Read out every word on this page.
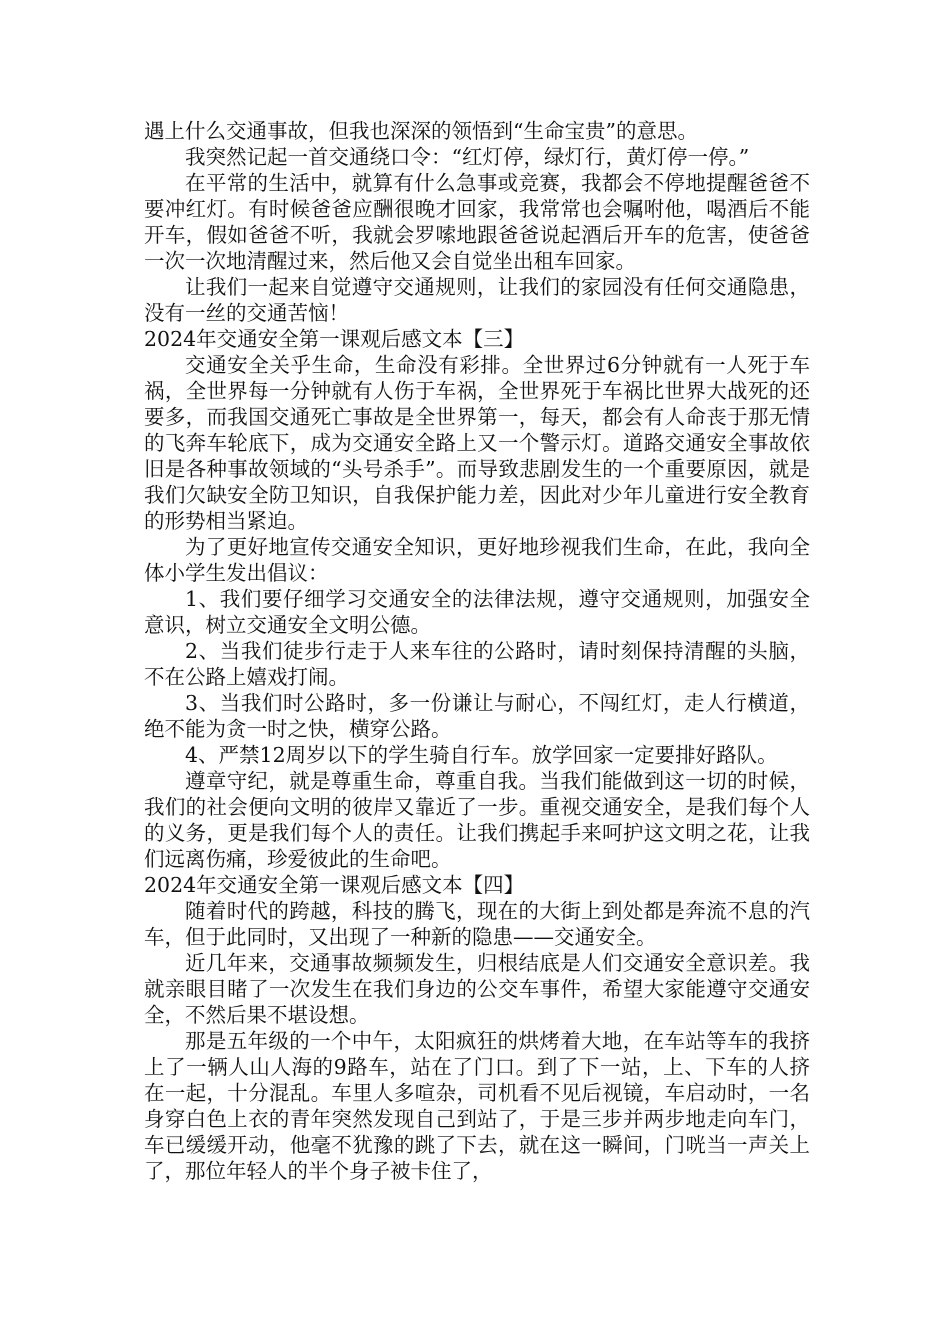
遇上什么交通事故，但我也深深的领悟到“生命宝贵”的意思。

我突然记起一首交通绕口令：“红灯停，绿灯行，黄灯停一停。”

在平常的生活中，就算有什么急事或竞赛，我都会不停地提醒爸爸不要冲红灯。有时候爸爸应酬很晚才回家，我常常也会嘱咐他，喝酒后不能开车，假如爸爸不听，我就会罗嗦地跟爸爸说起酒后开车的危害，使爸爸一次一次地清醒过来，然后他又会自觉坐出租车回家。

让我们一起来自觉遵守交通规则，让我们的家园没有任何交通隐患，没有一丝的交通苦恼！

2024年交通安全第一课观后感文本【三】

交通安全关乎生命，生命没有彩排。全世界过6分钟就有一人死于车祸，全世界每一分钟就有人伤于车祸，全世界死于车祸比世界大战死的还要多，而我国交通死亡事故是全世界第一，每天，都会有人命丧于那无情的飞奔车轮底下，成为交通安全路上又一个警示灯。道路交通安全事故依旧是各种事故领域的“头号杀手”。而导致悲剧发生的一个重要原因，就是我们欠缺安全防卫知识，自我保护能力差，因此对少年儿童进行安全教育的形势相当紧迫。

为了更好地宣传交通安全知识，更好地珍视我们生命，在此，我向全体小学生发出倡议：

1、我们要仔细学习交通安全的法律法规，遵守交通规则，加强安全意识，树立交通安全文明公德。

2、当我们徒步行走于人来车往的公路时，请时刻保持清醒的头脑，不在公路上嬉戏打闹。

3、当我们时公路时，多一份谦让与耐心，不闯红灯，走人行横道，绝不能为贪一时之快，横穿公路。

4、严禁12周岁以下的学生骑自行车。放学回家一定要排好路队。

遵章守纪，就是尊重生命，尊重自我。当我们能做到这一切的时候，我们的社会便向文明的彼岸又靠近了一步。重视交通安全，是我们每个人的义务，更是我们每个人的责任。让我们携起手来呵护这文明之花，让我们远离伤痛，珍爱彼此的生命吧。

2024年交通安全第一课观后感文本【四】

随着时代的跨越，科技的腾飞，现在的大街上到处都是奔流不息的汽车，但于此同时，又出现了一种新的隐患——交通安全。

近几年来，交通事故频频发生，归根结底是人们交通安全意识差。我就亲眼目睹了一次发生在我们身边的公交车事件，希望大家能遵守交通安全，不然后果不堪设想。

那是五年级的一个中午，太阳疯狂的烘烤着大地，在车站等车的我挤上了一辆人山人海的9路车，站在了门口。到了下一站，上、下车的人挤在一起，十分混乱。车里人多喧杂，司机看不见后视镜，车启动时，一名身穿白色上衣的青年突然发现自己到站了，于是三步并两步地走向车门，车已缓缓开动，他毫不犹豫的跳了下去，就在这一瞬间，门咣当一声关上了，那位年轻人的半个身子被卡住了，
